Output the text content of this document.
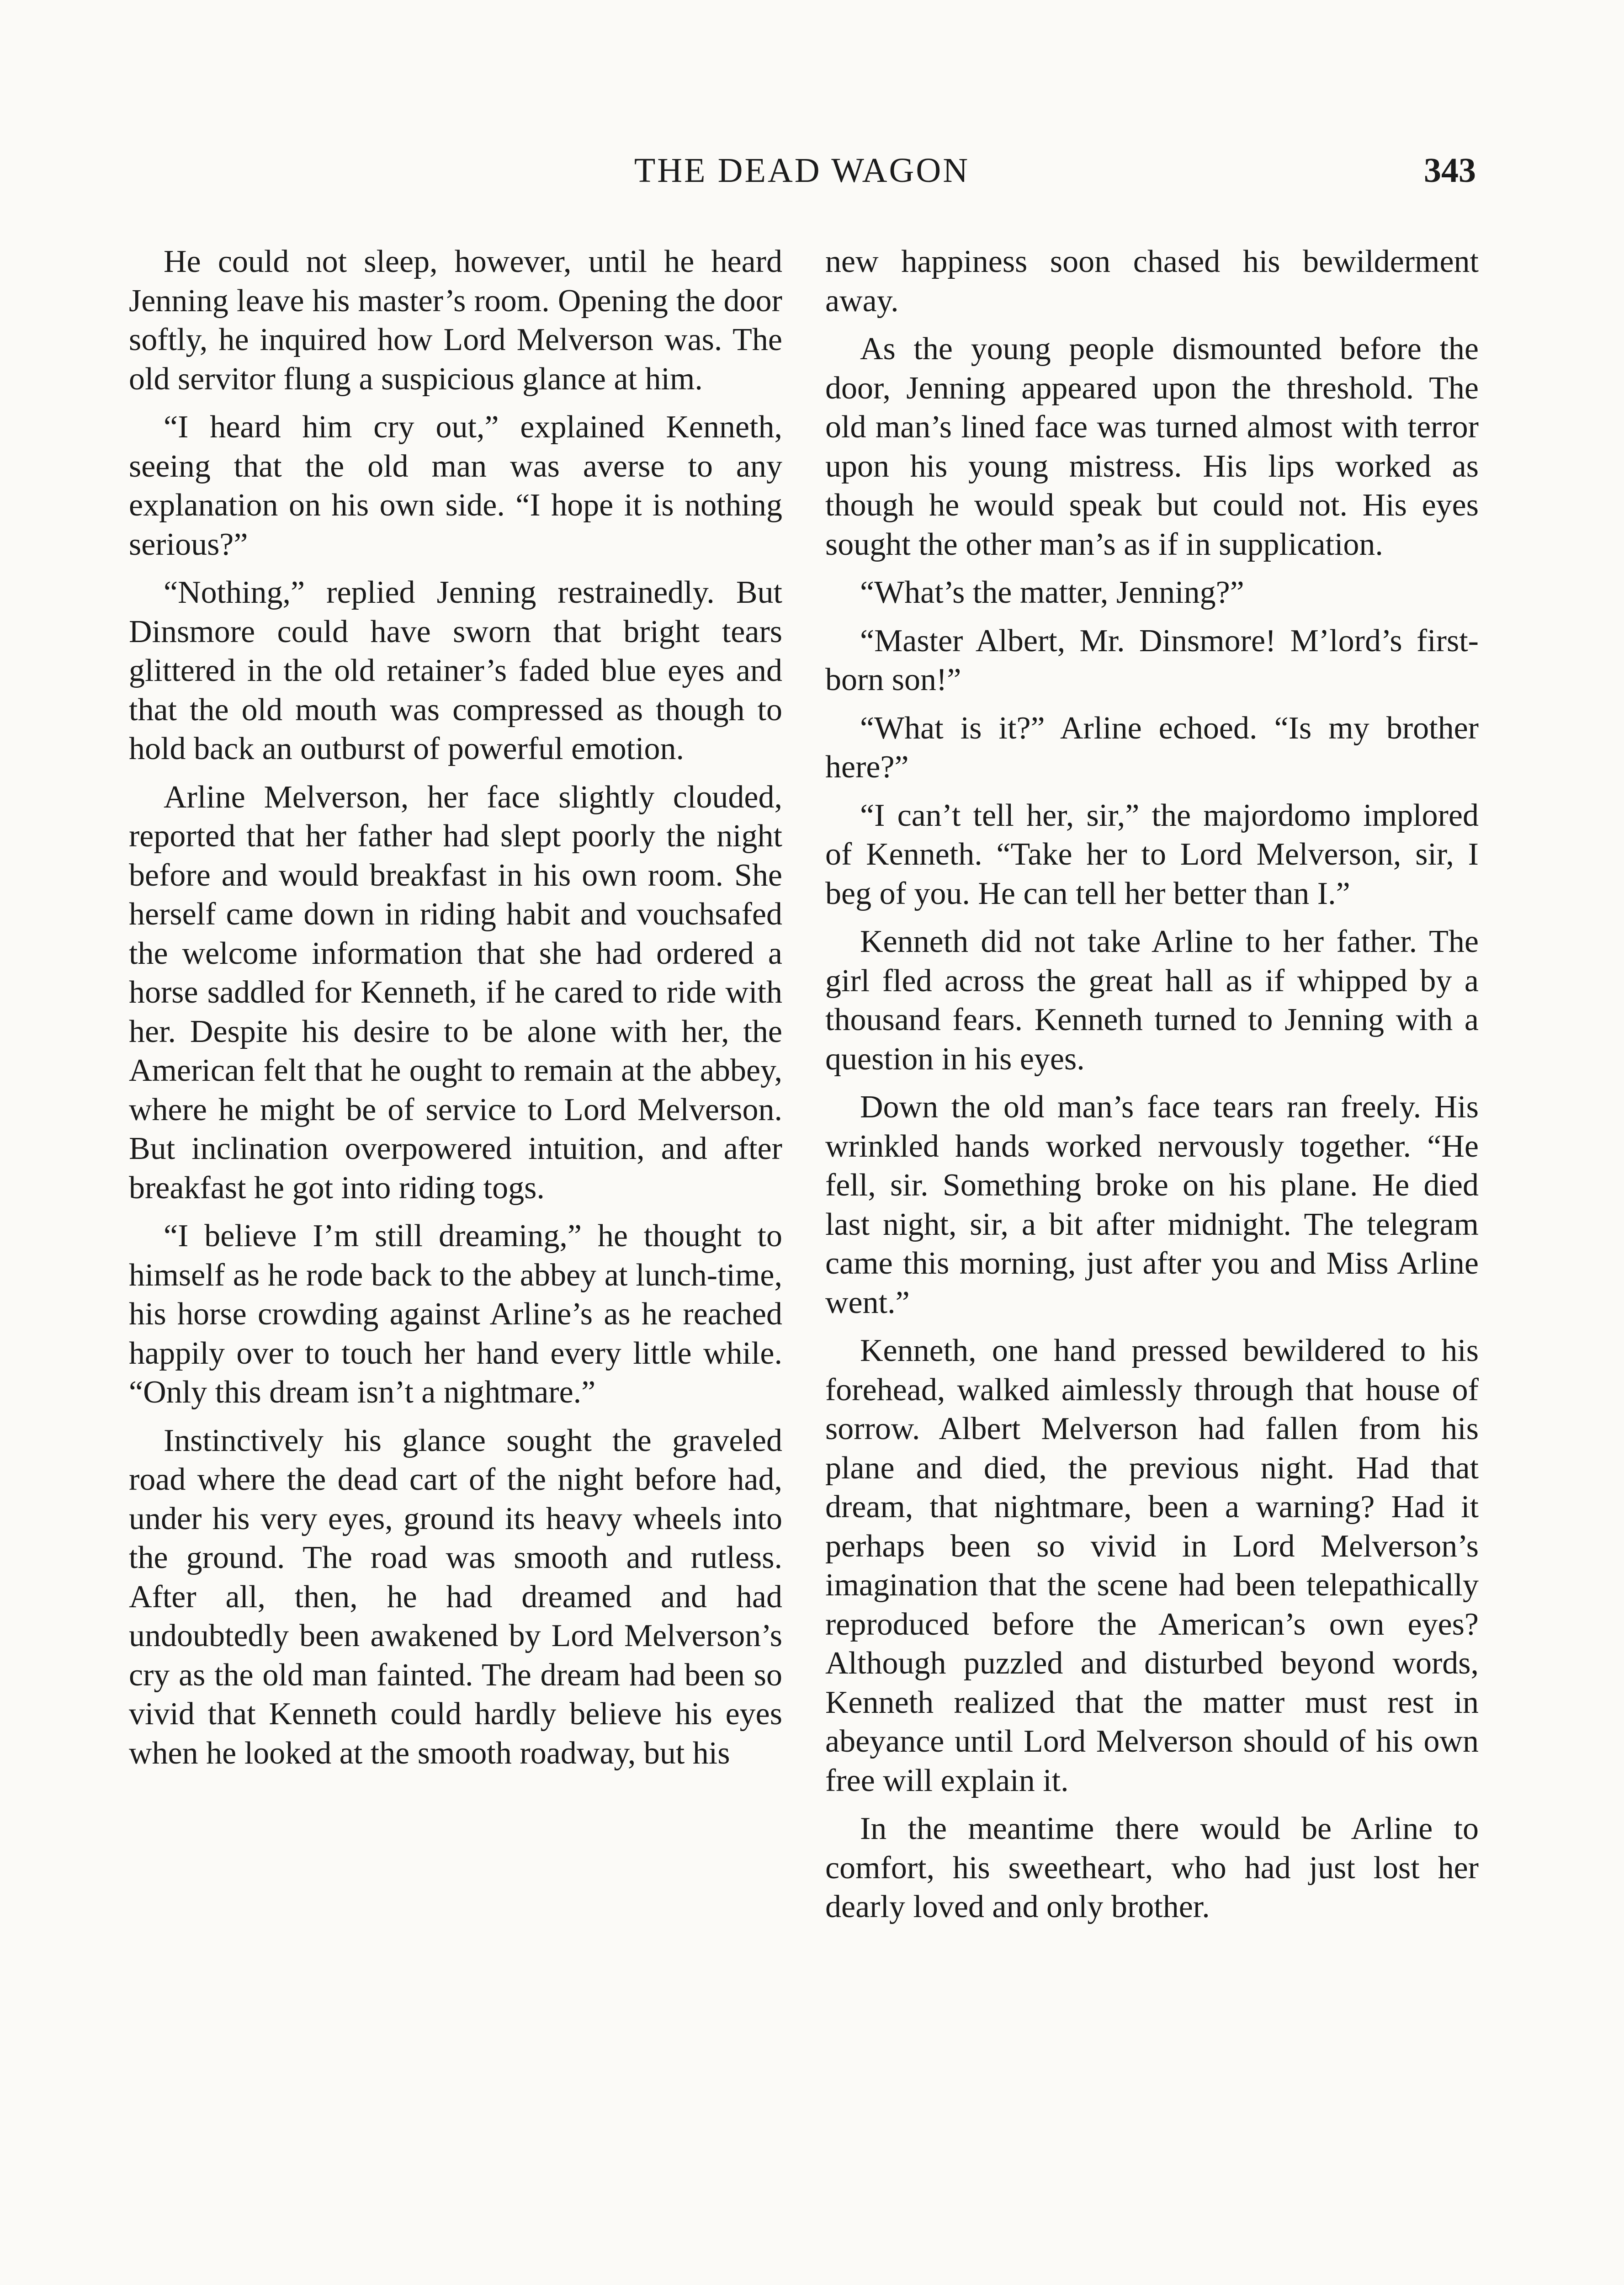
THE DEAD WAGON	343

He could not sleep, however, until he heard Jenning leave his master’s room. Opening the door softly, he inquired how Lord Melverson was. The old servitor flung a suspicious glance at him.

“I heard him cry out,” explained Kenneth, seeing that the old man was averse to any explanation on his own side. “I hope it is nothing serious?”

“Nothing,” replied Jenning restrainedly. But Dinsmore could have sworn that bright tears glittered in the old retainer’s faded blue eyes and that the old mouth was compressed as though to hold back an outburst of powerful emotion.

Arline Melverson, her face slightly clouded, reported that her father had slept poorly the night before and would breakfast in his own room. She herself came down in riding habit and vouchsafed the welcome information that she had ordered a horse saddled for Kenneth, if he cared to ride with her. Despite his desire to be alone with her, the American felt that he ought to remain at the abbey, where he might be of service to Lord Melverson. But inclination overpowered intuition, and after breakfast he got into riding togs.

“I believe I’m still dreaming,” he thought to himself as he rode back to the abbey at lunch-time, his horse crowding against Arline’s as he reached happily over to touch her hand every little while. “Only this dream isn’t a nightmare.”

Instinctively his glance sought the graveled road where the dead cart of the night before had, under his very eyes, ground its heavy wheels into the ground. The road was smooth and rutless. After all, then, he had dreamed and had undoubtedly been awakened by Lord Melverson’s cry as the old man fainted. The dream had been so vivid that Kenneth could hardly believe his eyes when he looked at the smooth roadway, but his

new happiness soon chased his bewilderment away.

As the young people dismounted before the door, Jenning appeared upon the threshold. The old man’s lined face was turned almost with terror upon his young mistress. His lips worked as though he would speak but could not. His eyes sought the other man’s as if in supplication.

“What’s the matter, Jenning?”

“Master Albert, Mr. Dinsmore! M’lord’s first-born son!”

“What is it?” Arline echoed. “Is my brother here?”

“I can’t tell her, sir,” the majordomo implored of Kenneth. “Take her to Lord Melverson, sir, I beg of you. He can tell her better than I.”

Kenneth did not take Arline to her father. The girl fled across the great hall as if whipped by a thousand fears. Kenneth turned to Jenning with a question in his eyes.

Down the old man’s face tears ran freely. His wrinkled hands worked nervously together. “He fell, sir. Something broke on his plane. He died last night, sir, a bit after midnight. The telegram came this morning, just after you and Miss Arline went.”

Kenneth, one hand pressed bewildered to his forehead, walked aimlessly through that house of sorrow. Albert Melverson had fallen from his plane and died, the previous night. Had that dream, that nightmare, been a warning? Had it perhaps been so vivid in Lord Melverson’s imagination that the scene had been telepathically reproduced before the American’s own eyes? Although puzzled and disturbed beyond words, Kenneth realized that the matter must rest in abeyance until Lord Melverson should of his own free will explain it.

In the meantime there would be Arline to comfort, his sweetheart, who had just lost her dearly loved and only brother.
